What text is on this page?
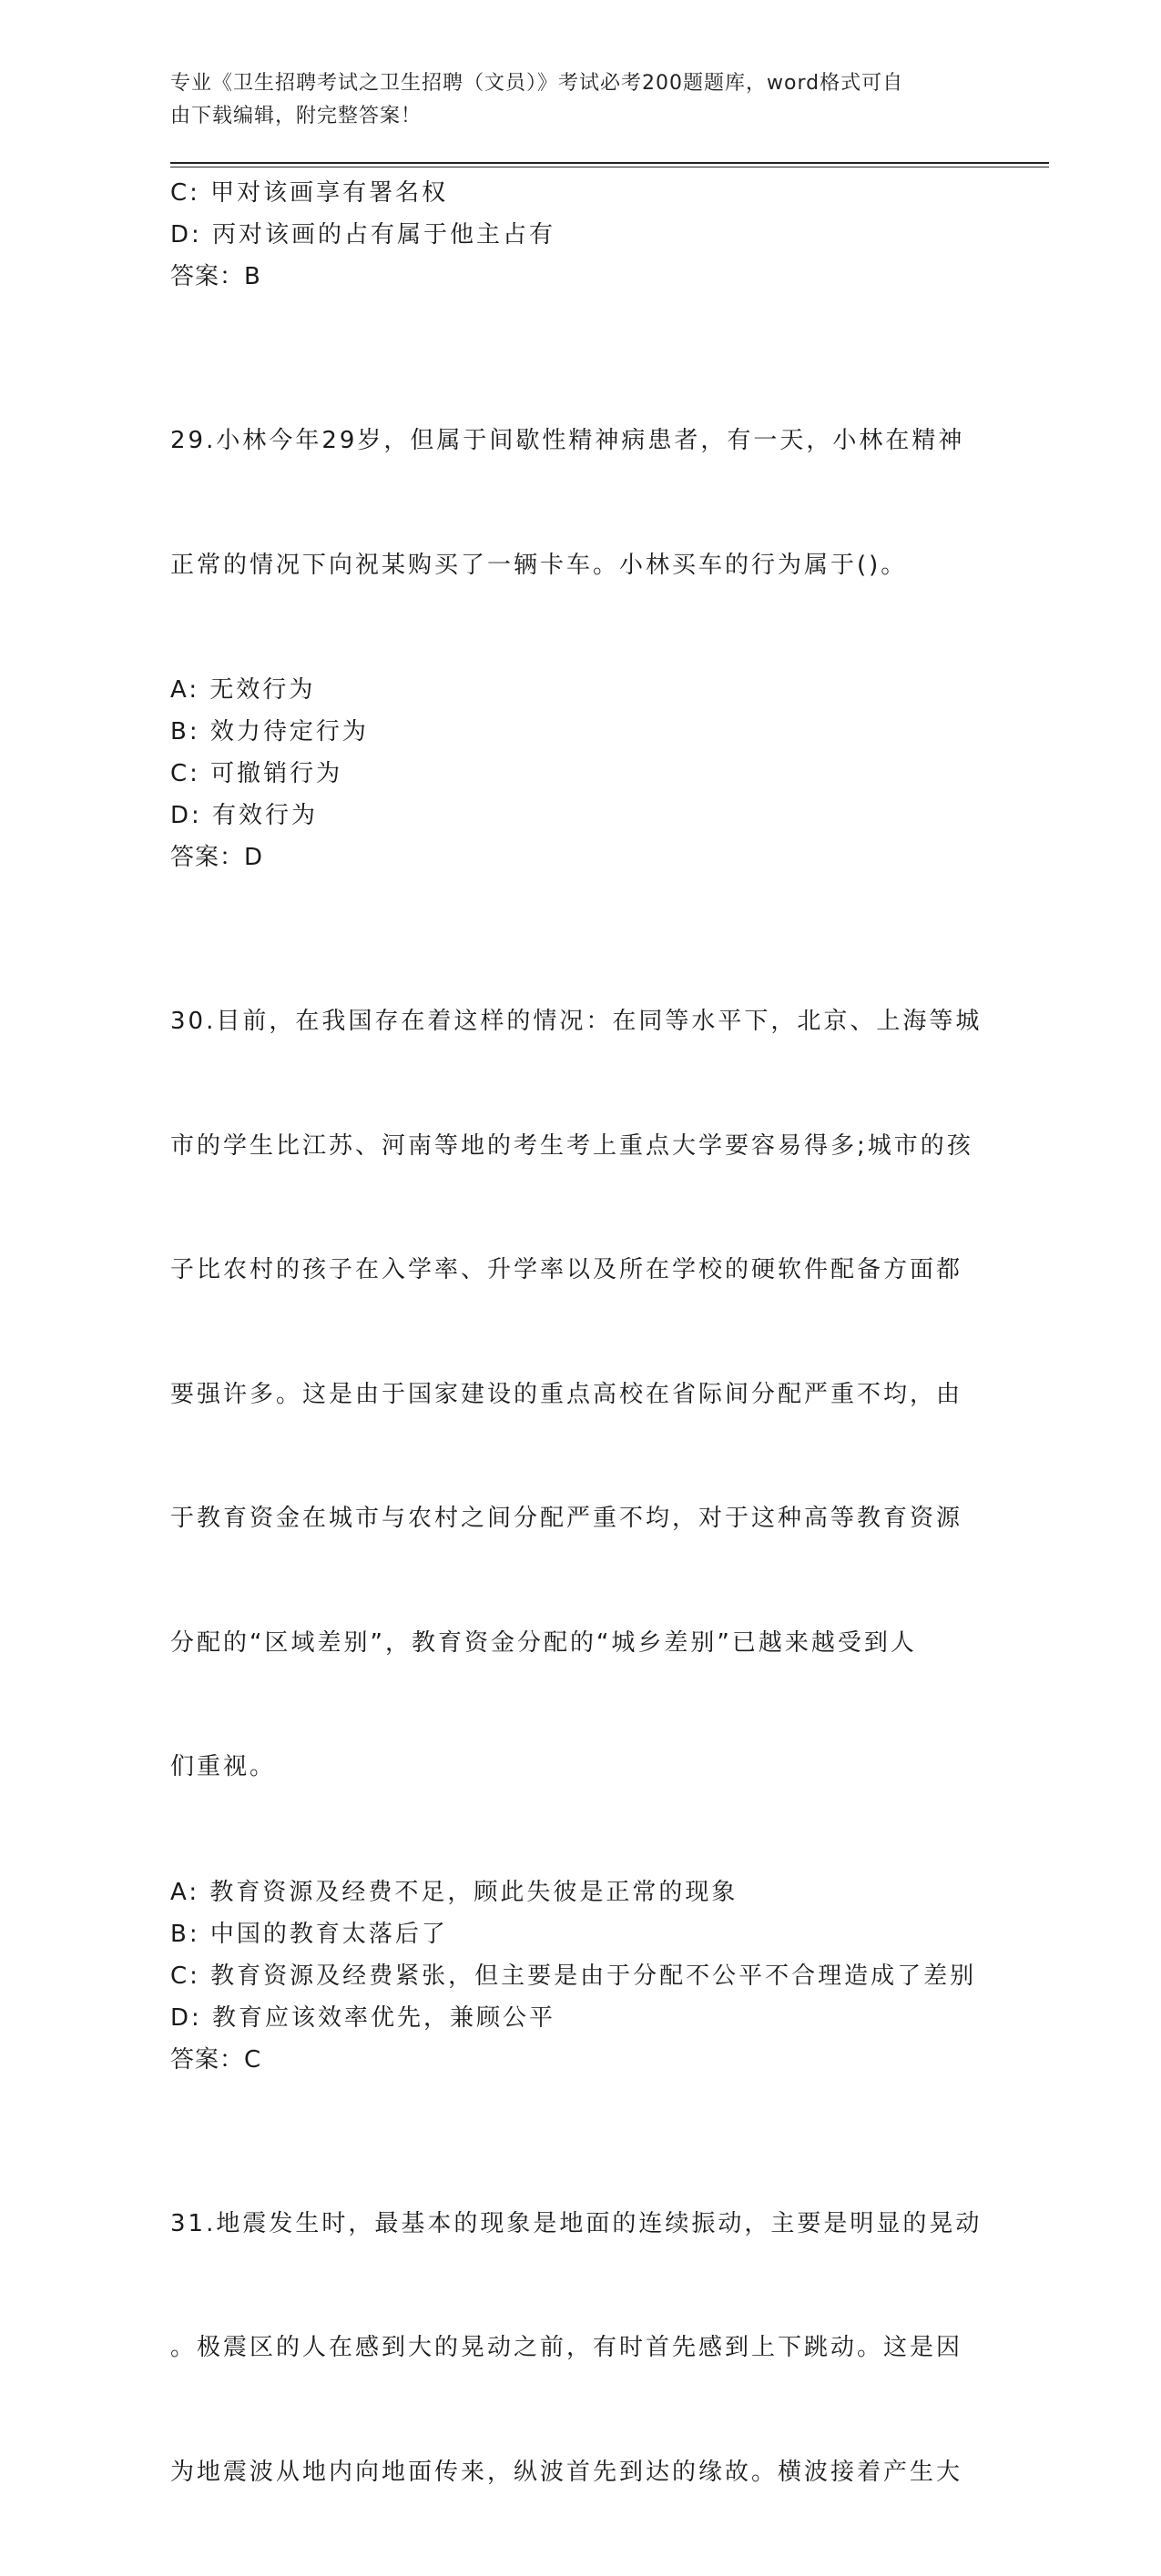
专业《卫生招聘考试之卫生招聘（文员）》考试必考200题题库，word格式可自
由下载编辑，附完整答案！
C: 甲对该画享有署名权
D: 丙对该画的占有属于他主占有
答案：B

29.小林今年29岁，但属于间歇性精神病患者，有一天，小林在精神

正常的情况下向祝某购买了一辆卡车。小林买车的行为属于()。

A: 无效行为
B: 效力待定行为
C: 可撤销行为
D: 有效行为
答案：D

30.目前，在我国存在着这样的情况：在同等水平下，北京、上海等城

市的学生比江苏、河南等地的考生考上重点大学要容易得多;城市的孩

子比农村的孩子在入学率、升学率以及所在学校的硬软件配备方面都

要强许多。这是由于国家建设的重点高校在省际间分配严重不均，由

于教育资金在城市与农村之间分配严重不均，对于这种高等教育资源

分配的“区域差别”，教育资金分配的“城乡差别”已越来越受到人

们重视。

A: 教育资源及经费不足，顾此失彼是正常的现象
B: 中国的教育太落后了
C: 教育资源及经费紧张，但主要是由于分配不公平不合理造成了差别
D: 教育应该效率优先，兼顾公平
答案：C

31.地震发生时，最基本的现象是地面的连续振动，主要是明显的晃动

。极震区的人在感到大的晃动之前，有时首先感到上下跳动。这是因

为地震波从地内向地面传来，纵波首先到达的缘故。横波接着产生大
